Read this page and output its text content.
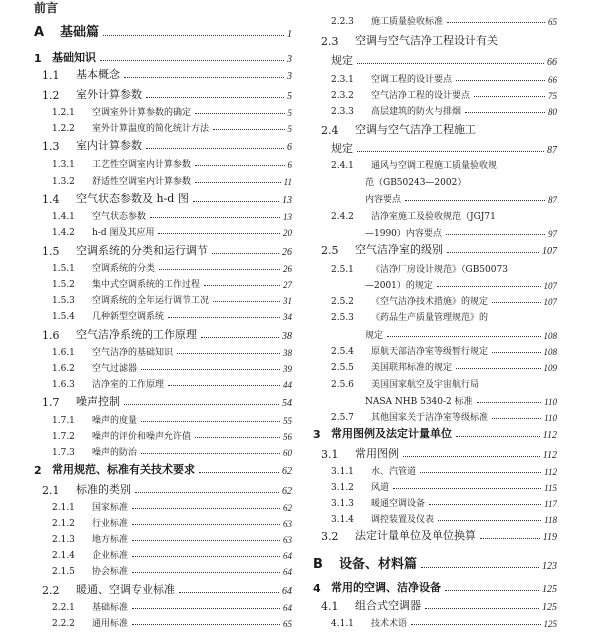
前言
A	基础篇	1
1 基础知识	3
1.1	基本概念	3
1.2	室外计算参数	5
1.2.1	空调室外计算参数的确定	5
1.2.2	室外计算温度的简化统计方法	5
1.3	室内计算参数	6
1.3.1	工艺性空调室内计算参数	6
1.3.2	舒适性空调室内计算参数	11
1.4	空气状态参数及 h-d 图	13
1.4.1	空气状态参数	13
1.4.2	h-d 图及其应用	20
1.5	空调系统的分类和运行调节	26
1.5.1	空调系统的分类	26
1.5.2	集中式空调系统的工作过程	27
1.5.3	空调系统的全年运行调节工况	31
1.5.4	几种新型空调系统	34
1.6	空气洁净系统的工作原理	38
1.6.1	空气洁净的基础知识	38
1.6.2	空气过滤器	39
1.6.3	洁净室的工作原理	44
1.7	噪声控制	54
1.7.1	噪声的度量	55
1.7.2	噪声的评价和噪声允许值	56
1.7.3	噪声的防治	60
2 常用规范、标准有关技术要求	62
2.1	标准的类别	62
2.1.1	国家标准	62
2.1.2	行业标准	63
2.1.3	地方标准	63
2.1.4	企业标准	64
2.1.5	协会标准	64
2.2	暖通、空调专业标准	64
2.2.1	基础标准	64
2.2.2	通用标准	65
2.2.3	施工质量验收标准	65
2.3	空调与空气洁净工程设计有关
规定	66
2.3.1	空调工程的设计要点	66
2.3.2	空气洁净工程的设计要点	75
2.3.3	高层建筑的防火与排烟	80
2.4	空调与空气洁净工程施工
规定	87
2.4.1	通风与空调工程施工质量验收规
范（GB50243—2002）
内容要点	87
2.4.2	洁净室施工及验收规范（JGJ71
—1990）内容要点	97
2.5	空气洁净室的级别	107
2.5.1	《洁净厂房设计规范》（GB50073
—2001）的规定	107
2.5.2	《空气洁净技术措施》的规定	107
2.5.3	《药品生产质量管理规范》的
规定	108
2.5.4	原航天部洁净室等级暂行规定	108
2.5.5	美国联邦标准的规定	109
2.5.6	美国国家航空及宇宙航行局
NASA NHB 5340-2 标准	110
2.5.7	其他国家关于洁净室等级标准	110
3 常用图例及法定计量单位	112
3.1	常用图例	112
3.1.1	水、汽管道	112
3.1.2	风道	115
3.1.3	暖通空调设备	117
3.1.4	调控装置及仪表	118
3.2	法定计量单位及单位换算	119
B	设备、材料篇	123
4 常用的空调、洁净设备	125
4.1	组合式空调器	125
4.1.1	技术术语	125
